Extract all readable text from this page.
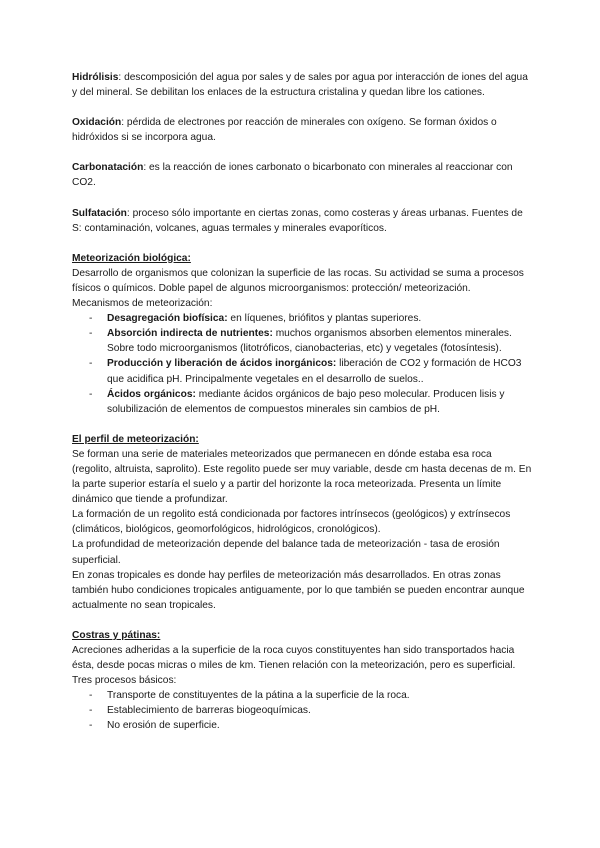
Hidrólisis: descomposición del agua por sales y de sales por agua por interacción de iones del agua y del mineral. Se debilitan los enlaces de la estructura cristalina y quedan libre los cationes.

Oxidación: pérdida de electrones por reacción de minerales con oxígeno. Se forman óxidos o hidróxidos si se incorpora agua.

Carbonatación: es la reacción de iones carbonato o bicarbonato con minerales al reaccionar con CO2.

Sulfatación: proceso sólo importante en ciertas zonas, como costeras y áreas urbanas. Fuentes de S: contaminación, volcanes, aguas termales y minerales evaporíticos.

Meteorización biológica:

Desarrollo de organismos que colonizan la superficie de las rocas. Su actividad se suma a procesos físicos o químicos. Doble papel de algunos microorganismos: protección/ meteorización.

Mecanismos de meteorización:

- Desagregación biofísica: en líquenes, briófitos y plantas superiores.
- Absorción indirecta de nutrientes: muchos organismos absorben elementos minerales. Sobre todo microorganismos (litotróficos, cianobacterias, etc) y vegetales (fotosíntesis).
- Producción y liberación de ácidos inorgánicos: liberación de CO2 y formación de HCO3 que acidifica pH. Principalmente vegetales en el desarrollo de suelos..
- Ácidos orgánicos: mediante ácidos orgánicos de bajo peso molecular. Producen lisis y solubilización de elementos de compuestos minerales sin cambios de pH.

El perfil de meteorización:

Se forman una serie de materiales meteorizados que permanecen en dónde estaba esa roca (regolito, altruista, saprolito). Este regolito puede ser muy variable, desde cm hasta decenas de m. En la parte superior estaría el suelo y a partir del horizonte la roca meteorizada. Presenta un límite dinámico que tiende a profundizar.

La formación de un regolito está condicionada por factores intrínsecos (geológicos) y extrínsecos (climáticos, biológicos, geomorfológicos, hidrológicos, cronológicos).

La profundidad de meteorización depende del balance tada de meteorización - tasa de erosión superficial.

En zonas tropicales es donde hay perfiles de meteorización más desarrollados. En otras zonas también hubo condiciones tropicales antiguamente, por lo que también se pueden encontrar aunque actualmente no sean tropicales.

Costras y pátinas:

Acreciones adheridas a la superficie de la roca cuyos constituyentes han sido transportados hacia ésta, desde pocas micras o miles de km. Tienen relación con la meteorización, pero es superficial.

Tres procesos básicos:

- Transporte de constituyentes de la pátina a la superficie de la roca.
- Establecimiento de barreras biogeoquímicas.
- No erosión de superficie.
